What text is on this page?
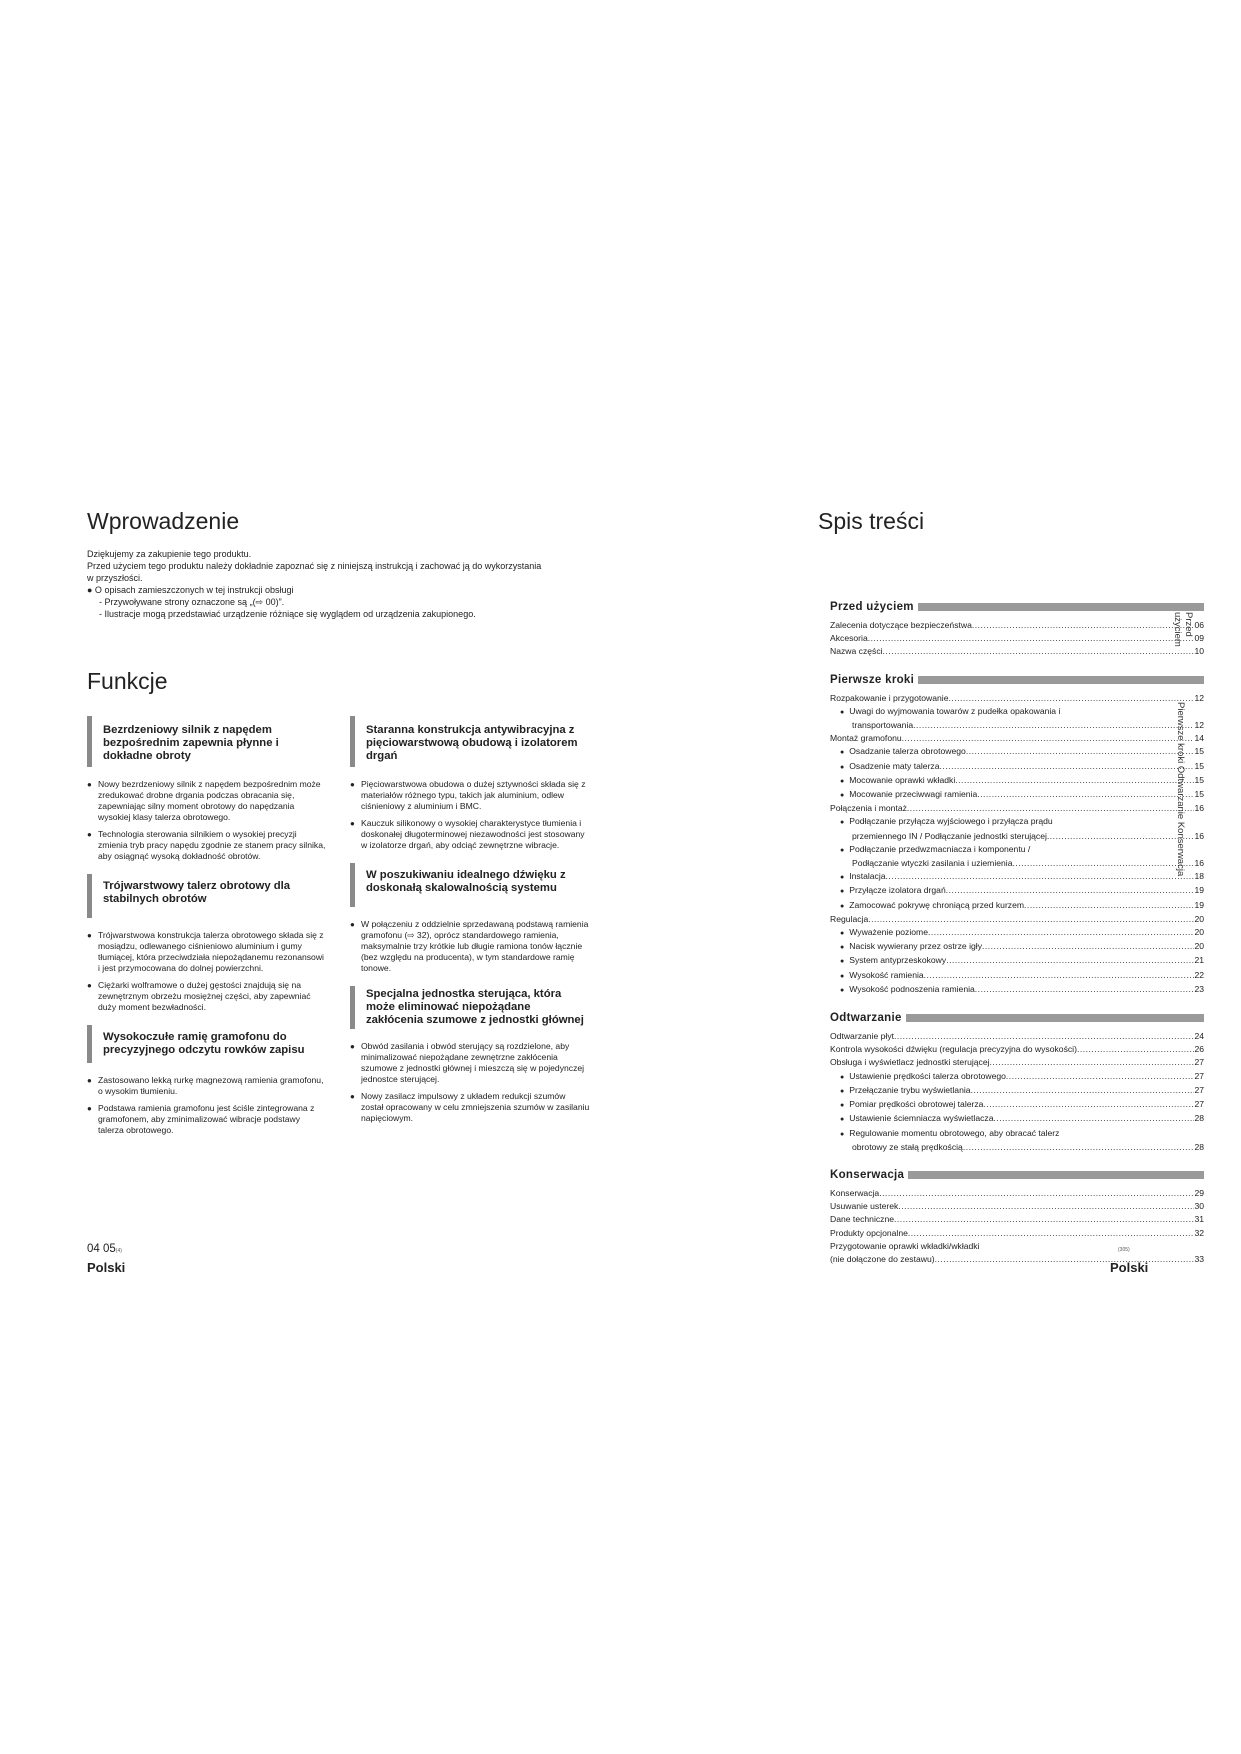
Wprowadzenie

Dziękujemy za zakupienie tego produktu.

Przed użyciem tego produktu należy dokładnie zapoznać się z niniejszą instrukcją i zachować ją do wykorzystania

w przyszłości.

● O opisach zamieszczonych w tej instrukcji obsługi

- Przywoływane strony oznaczone są „(⇨ 00)”.

- Ilustracje mogą przedstawiać urządzenie różniące się wyglądem od urządzenia zakupionego.

Funkcje
Bezrdzeniowy silnik z napędem bezpośrednim zapewnia płynne i dokładne obroty

● Nowy bezrdzeniowy silnik z napędem bezpośrednim może zredukować drobne drgania podczas obracania się, zapewniając silny moment obrotowy do napędzania wysokiej klasy talerza obrotowego.

● Technologia sterowania silnikiem o wysokiej precyzji zmienia tryb pracy napędu zgodnie ze stanem pracy silnika, aby osiągnąć wysoką dokładność obrotów.

Trójwarstwowy talerz obrotowy dla stabilnych obrotów

● Trójwarstwowa konstrukcja talerza obrotowego składa się z mosiądzu, odlewanego ciśnieniowo aluminium i gumy tłumiącej, która przeciwdziała niepożądanemu rezonansowi i jest przymocowana do dolnej powierzchni.

● Ciężarki wolframowe o dużej gęstości znajdują się na zewnętrznym obrzeżu mosiężnej części, aby zapewniać duży moment bezwładności.

Wysokoczułe ramię gramofonu do precyzyjnego odczytu rowków zapisu

● Zastosowano lekką rurkę magnezową ramienia gramofonu, o wysokim tłumieniu.

● Podstawa ramienia gramofonu jest ściśle zintegrowana z gramofonem, aby zminimalizować wibracje podstawy talerza obrotowego.

Staranna konstrukcja antywibracyjna z pięciowarstwową obudową i izolatorem drgań

● Pięciowarstwowa obudowa o dużej sztywności składa się z materiałów różnego typu, takich jak aluminium, odlew ciśnieniowy z aluminium i BMC.

● Kauczuk silikonowy o wysokiej charakterystyce tłumienia i doskonałej długoterminowej niezawodności jest stosowany w izolatorze drgań, aby odciąć zewnętrzne wibracje.

W poszukiwaniu idealnego dźwięku z doskonałą skalowalnością systemu

● W połączeniu z oddzielnie sprzedawaną podstawą ramienia gramofonu (⇨ 32), oprócz standardowego ramienia, maksymalnie trzy krótkie lub długie ramiona tonów łącznie (bez względu na producenta), w tym standardowe ramię tonowe.

Specjalna jednostka sterująca, która może eliminować niepożądane zakłócenia szumowe z jednostki głównej

● Obwód zasilania i obwód sterujący są rozdzielone, aby minimalizować niepożądane zewnętrzne zakłócenia szumowe z jednostki głównej i mieszczą się w pojedynczej jednostce sterującej.

● Nowy zasilacz impulsowy z układem redukcji szumów został opracowany w celu zmniejszenia szumów w zasilaniu napięciowym.

04 05(4)
Polski
Spis treści
Przed użyciem
Zalecenia dotyczące bezpieczeństwa .....	06
Akcesoria .....	09
Nazwa części .....	10
Pierwsze kroki
Rozpakowanie i przygotowanie .....	12
● Uwagi do wyjmowania towarów z pudełka opakowania i
transportowania .....	12
Montaż gramofonu .....	14
● Osadzanie talerza obrotowego .....	15
● Osadzenie maty talerza .....	15
● Mocowanie oprawki wkładki .....	15
● Mocowanie przeciwwagi ramienia .....	15
Połączenia i montaż .....	16
● Podłączanie przyłącza wyjściowego i przyłącza prądu
przemiennego IN / Podłączanie jednostki sterującej .....	16
● Podłączanie przedwzmacniacza i komponentu /
Podłączanie wtyczki zasilania i uziemienia .....	16
● Instalacja .....	18
● Przyłącze izolatora drgań .....	19
● Zamocować pokrywę chroniącą przed kurzem .....	19
Regulacja .....	20
● Wyważenie poziome .....	20
● Nacisk wywierany przez ostrze igły .....	20
● System antyprzeskokowy .....	21
● Wysokość ramienia .....	22
● Wysokość podnoszenia ramienia .....	23
Odtwarzanie
Odtwarzanie płyt .....	24
Kontrola wysokości dźwięku (regulacja precyzyjna do wysokości) .....	26
Obsługa i wyświetlacz jednostki sterującej .....	27
● Ustawienie prędkości talerza obrotowego .....	27
● Przełączanie trybu wyświetlania .....	27
● Pomiar prędkości obrotowej talerza .....	27
● Ustawienie ściemniacza wyświetlacza .....	28
● Regulowanie momentu obrotowego, aby obracać talerz
obrotowy ze stałą prędkością .....	28
Konserwacja
Konserwacja .....	29
Usuwanie usterek .....	30
Dane techniczne .....	31
Produkty opcjonalne .....	32
Przygotowanie oprawki wkładki/wkładki
(nie dołączone do zestawu) .....	33
Przed użyciem
Pierwsze kroki Odtwarzanie Konserwacja
(305)
Polski
